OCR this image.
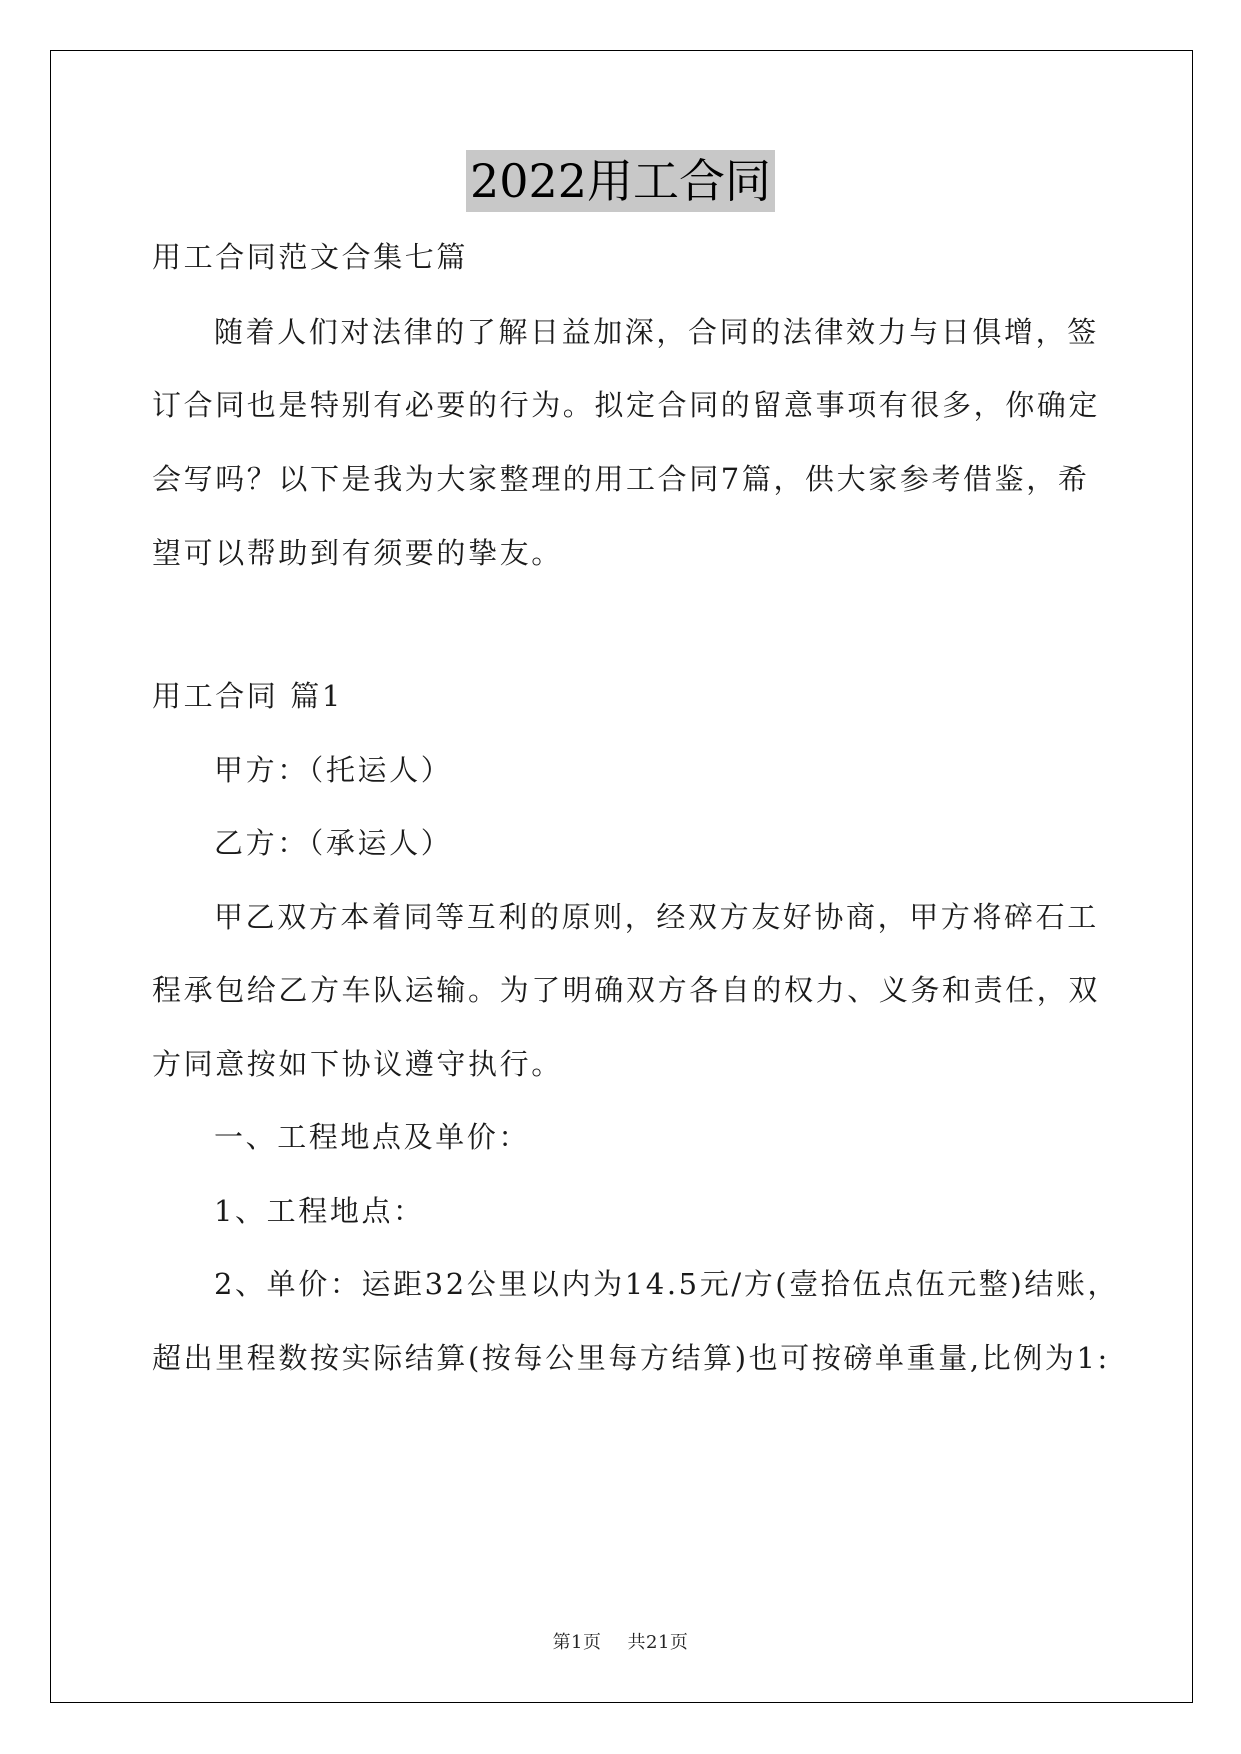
2022用工合同
用工合同范文合集七篇
随着人们对法律的了解日益加深，合同的法律效力与日俱增，签
订合同也是特别有必要的行为。拟定合同的留意事项有很多，你确定
会写吗？以下是我为大家整理的用工合同7篇，供大家参考借鉴，希
望可以帮助到有须要的挚友。
用工合同 篇1
甲方：（托运人）
乙方：（承运人）
甲乙双方本着同等互利的原则，经双方友好协商，甲方将碎石工
程承包给乙方车队运输。为了明确双方各自的权力、义务和责任，双
方同意按如下协议遵守执行。
一、工程地点及单价：
1、工程地点：
2、单价：运距32公里以内为14.5元/方(壹拾伍点伍元整)结账，
超出里程数按实际结算(按每公里每方结算)也可按磅单重量,比例为1:
第1页 共21页
